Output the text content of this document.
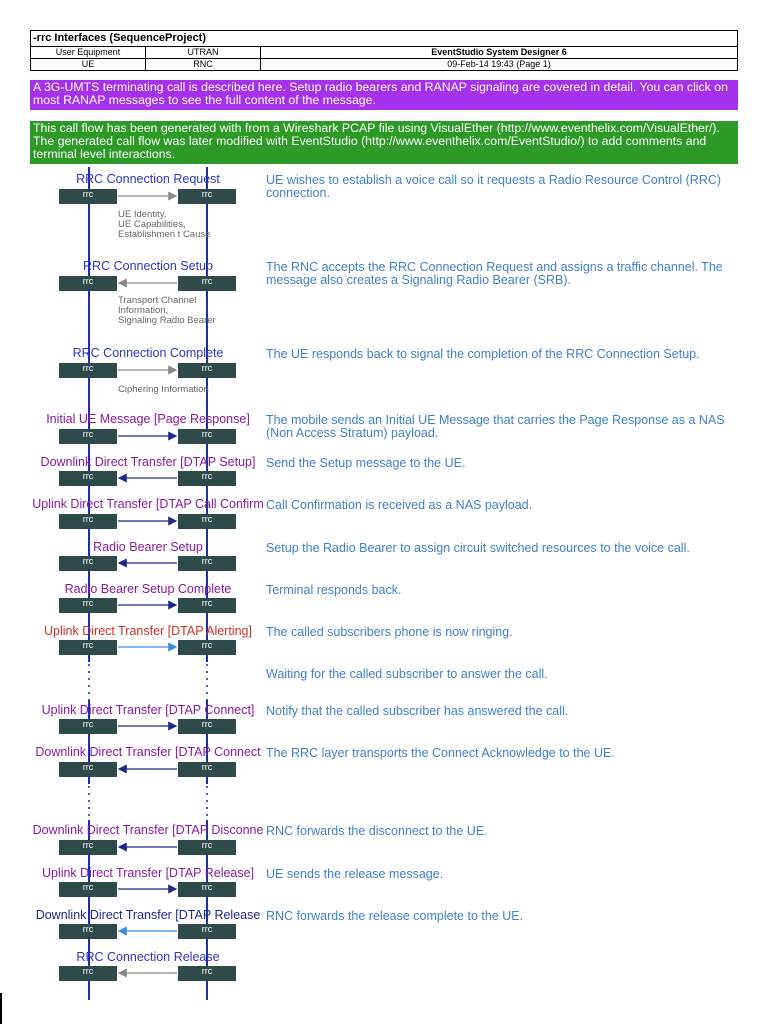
-rrc Interfaces (SequenceProject)		
User Equipment	UTRAN	EventStudio System Designer 6
UE	RNC	09-Feb-14 19:43 (Page 1)
A 3G-UMTS terminating call is described here. Setup radio bearers and RANAP signaling are covered in detail. You can click on most RANAP messages to see the full content of the message.
This call flow has been generated with from a Wireshark PCAP file using VisualEther (http://www.eventhelix.com/VisualEther/). The generated call flow was later modified with EventStudio (http://www.eventhelix.com/EventStudio/) to add comments and terminal level interactions.
RRC Connection Request
rrc	rrc
UE wishes to establish a voice call so it requests a Radio Resource Control (RRC) connection.
UE Identity,
UE Capabilities,
Establishmen t Cause
RRC Connection Setup
rrc	rrc
The RNC accepts the RRC Connection Request and assigns a traffic channel. The message also creates a Signaling Radio Bearer (SRB).
Transport Channel
Information,
Signaling Radio Bearer
RRC Connection Complete
rrc	rrc
The UE responds back to signal the completion of the RRC Connection Setup.
Ciphering Information
Initial UE Message [Page Response]
rrc	rrc
The mobile sends an Initial UE Message that carries the Page Response as a NAS (Non Access Stratum) payload.
Downlink Direct Transfer [DTAP Setup]
rrc	rrc
Send the Setup message to the UE.
Uplink Direct Transfer [DTAP Call Confirm
rrc	rrc
Call Confirmation is received as a NAS payload.
Radio Bearer Setup
rrc	rrc
Setup the Radio Bearer to assign circuit switched resources to the voice call.
Radio Bearer Setup Complete
rrc	rrc
Terminal responds back.
Uplink Direct Transfer [DTAP Alerting]
rrc	rrc
The called subscribers phone is now ringing.
Waiting for the called subscriber to answer the call.
Uplink Direct Transfer [DTAP Connect]
rrc	rrc
Notify that the called subscriber has answered the call.
Downlink Direct Transfer [DTAP Connect
rrc	rrc
The RRC layer transports the Connect Acknowledge to the UE.
Downlink Direct Transfer [DTAP Disconne
rrc	rrc
RNC forwards the disconnect to the UE.
Uplink Direct Transfer [DTAP Release]
rrc	rrc
UE sends the release message.
Downlink Direct Transfer [DTAP Release
rrc	rrc
RNC forwards the release complete to the UE.
RRC Connection Release
rrc	rrc
